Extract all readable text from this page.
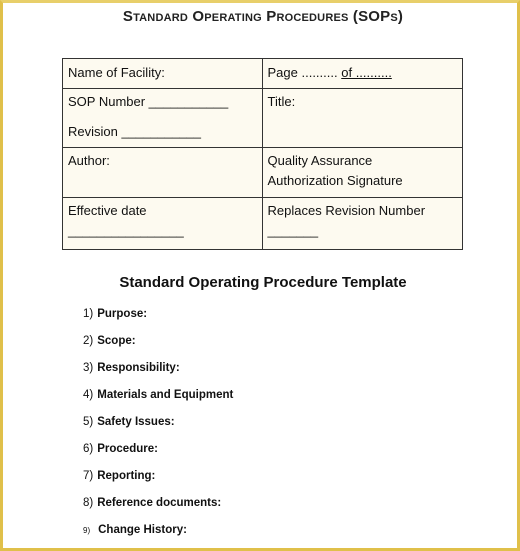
Standard Operating Procedures (SOPs)
Name of Facility:	Page .......... of ..........

SOP Number ___________
Revision ___________	Title:

Author:	Quality Assurance
Authorization Signature

Effective date
________________	Replaces Revision Number
_______
Standard Operating Procedure Template
1) Purpose:
2) Scope:
3) Responsibility:
4) Materials and Equipment
5) Safety Issues:
6) Procedure:
7) Reporting:
8) Reference documents:
9) Change History:
